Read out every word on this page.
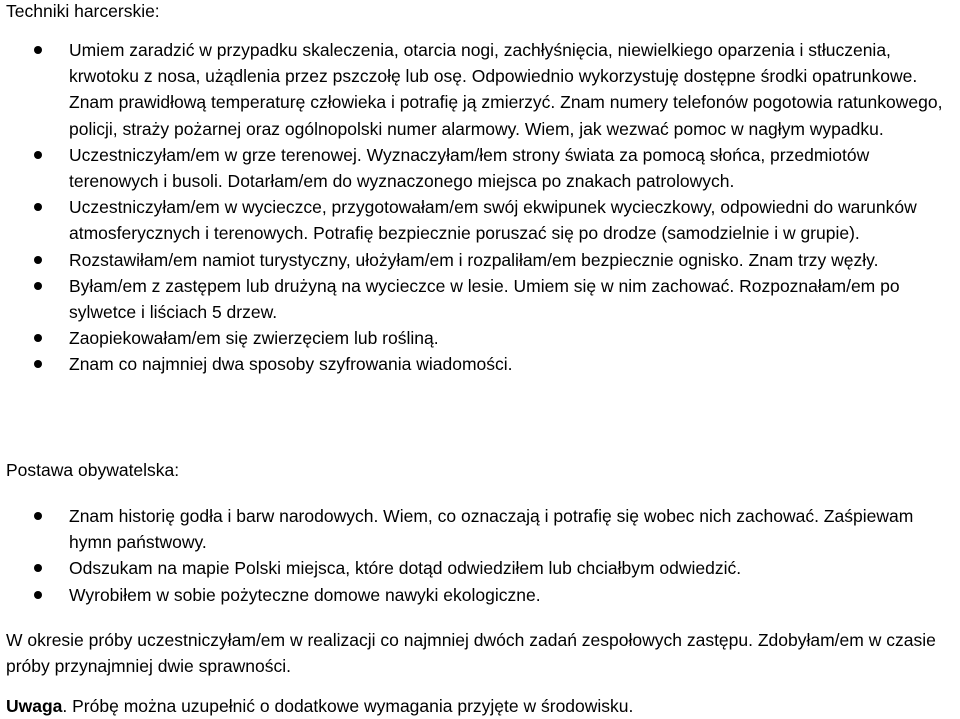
Techniki harcerskie:
Umiem zaradzić w przypadku skaleczenia, otarcia nogi, zachłyśnięcia, niewielkiego oparzenia i stłuczenia, krwotoku z nosa, użądlenia przez pszczołę lub osę. Odpowiednio wykorzystuję dostępne środki opatrunkowe. Znam prawidłową temperaturę człowieka i potrafię ją zmierzyć. Znam numery telefonów pogotowia ratunkowego, policji, straży pożarnej oraz ogólnopolski numer alarmowy. Wiem, jak wezwać pomoc w nagłym wypadku.
Uczestniczyłam/em w grze terenowej. Wyznaczyłam/łem strony świata za pomocą słońca, przedmiotów terenowych i busoli. Dotarłam/em do wyznaczonego miejsca po znakach patrolowych.
Uczestniczyłam/em w wycieczce, przygotowałam/em swój ekwipunek wycieczkowy, odpowiedni do warunków atmosferycznych i terenowych. Potrafię bezpiecznie poruszać się po drodze (samodzielnie i w grupie).
Rozstawiłam/em namiot turystyczny, ułożyłam/em i rozpaliłam/em bezpiecznie ognisko. Znam trzy węzły.
Byłam/em z zastępem lub drużyną na wycieczce w lesie. Umiem się w nim zachować. Rozpoznałam/em po sylwetce i liściach 5 drzew.
Zaopiekowałam/em się zwierzęciem lub rośliną.
Znam co najmniej dwa sposoby szyfrowania wiadomości.
Postawa obywatelska:
Znam historię godła i barw narodowych. Wiem, co oznaczają i potrafię się wobec nich zachować. Zaśpiewam hymn państwowy.
Odszukam na mapie Polski miejsca, które dotąd odwiedziłem lub chciałbym odwiedzić.
Wyrobiłem w sobie pożyteczne domowe nawyki ekologiczne.

W okresie próby uczestniczyłam/em w realizacji co najmniej dwóch zadań zespołowych zastępu. Zdobyłam/em w czasie próby przynajmniej dwie sprawności.

Uwaga. Próbę można uzupełnić o dodatkowe wymagania przyjęte w środowisku.
